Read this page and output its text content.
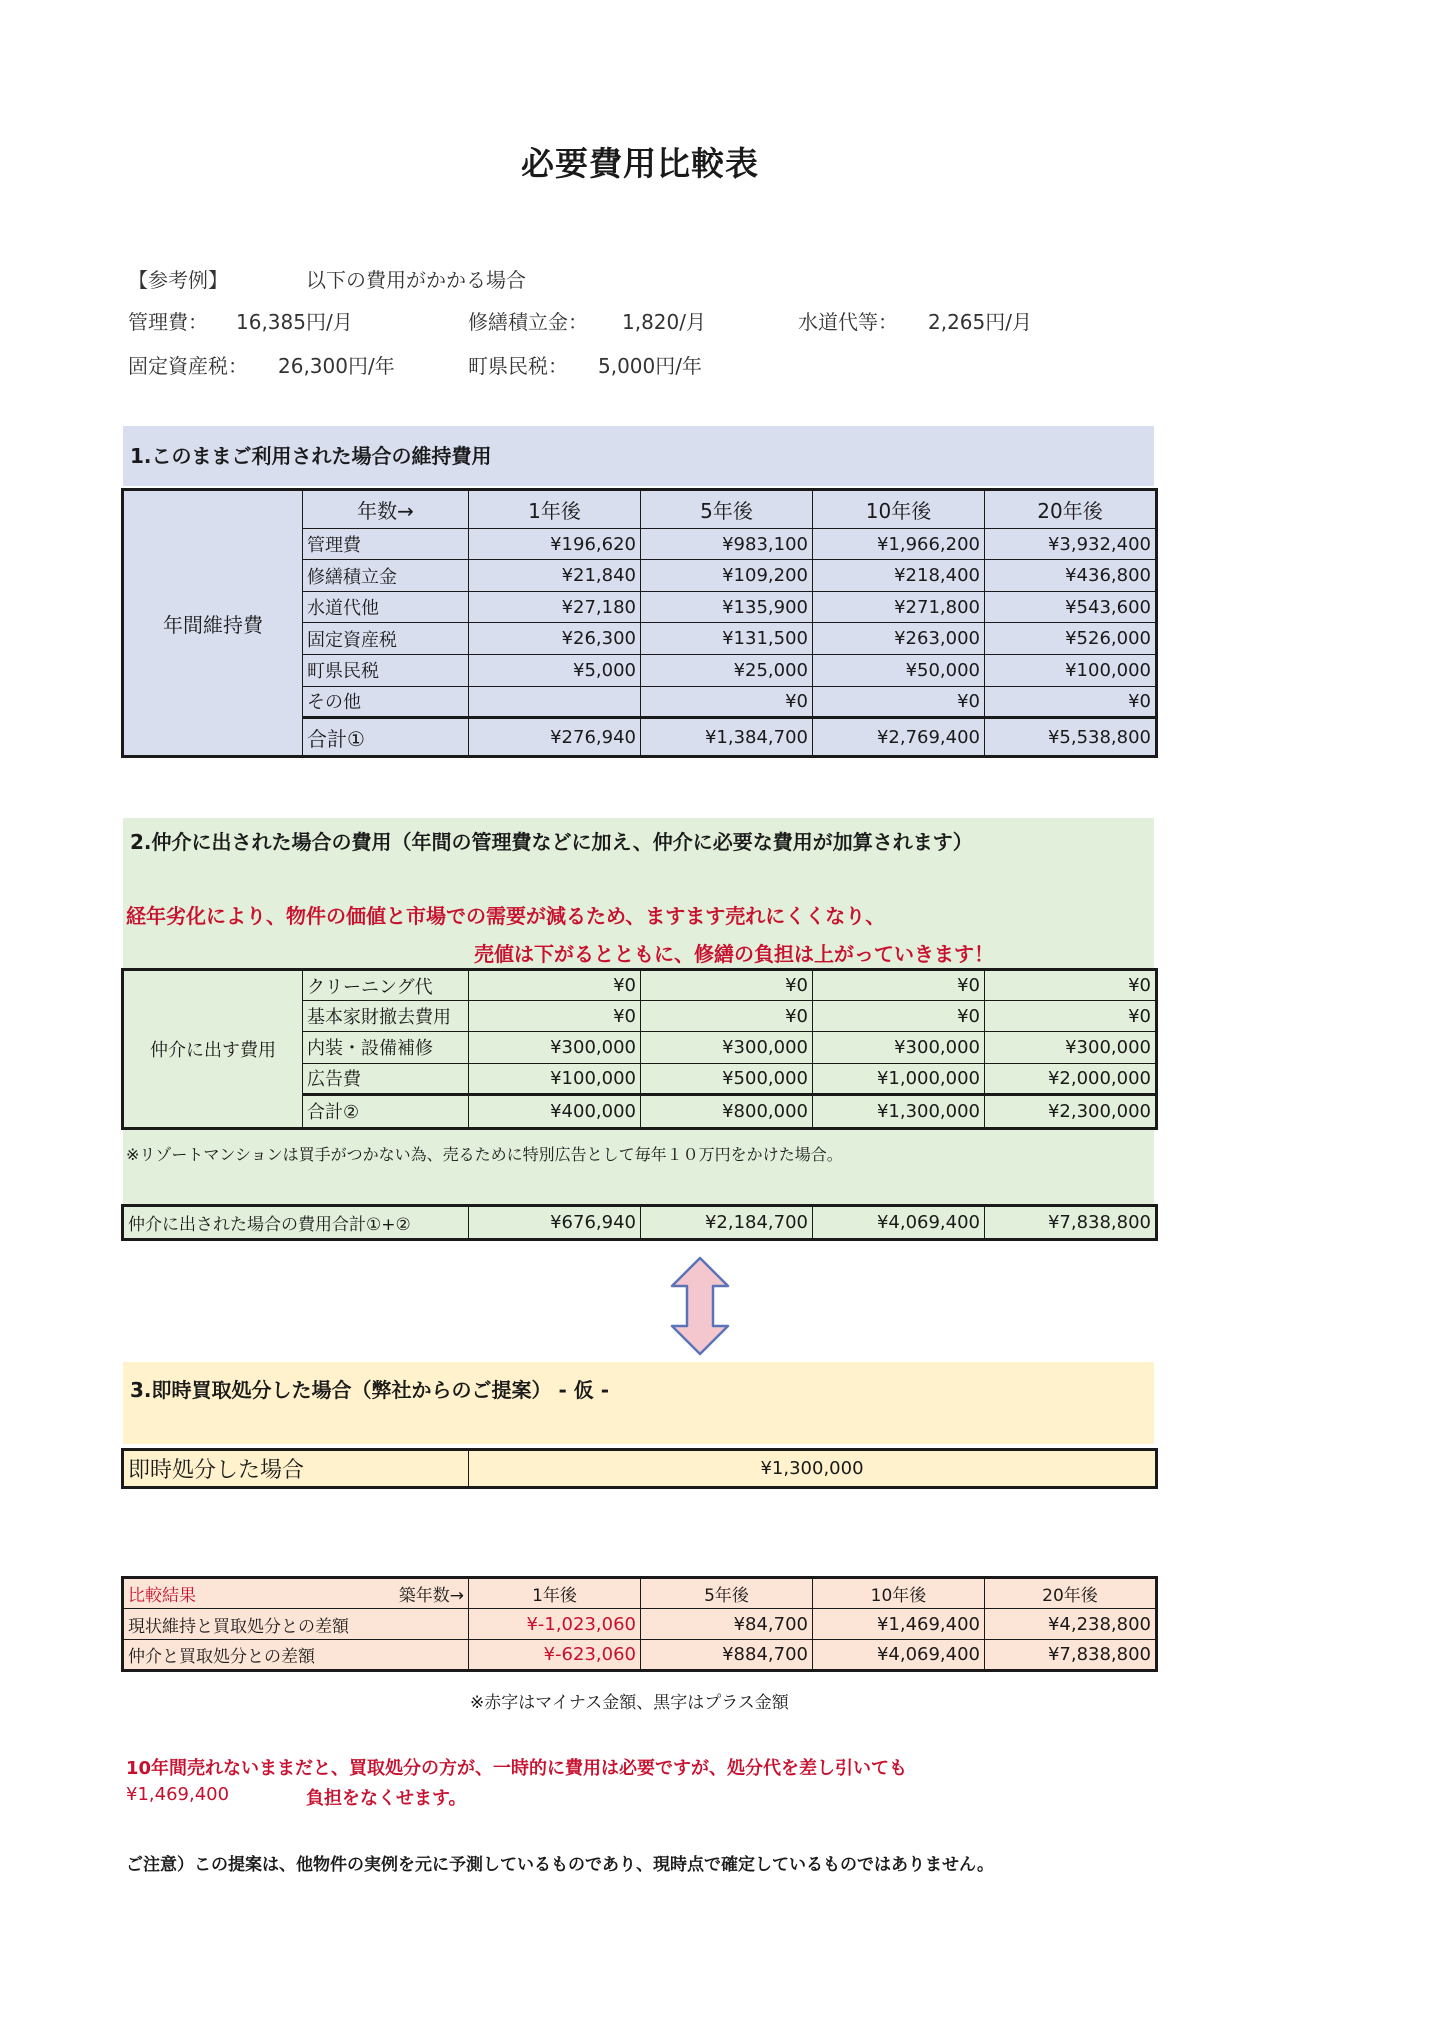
必要費用比較表
【参考例】	以下の費用がかかる場合
管理費： 16,385円/月	修繕積立金： 1,820/月	水道代等： 2,265円/月
固定資産税： 26,300円/年	町県民税： 5,000円/年
1.このままご利用された場合の維持費用
年間維持費	年数→	1年後	5年後	10年後	20年後
	管理費	¥196,620	¥983,100	¥1,966,200	¥3,932,400
	修繕積立金	¥21,840	¥109,200	¥218,400	¥436,800
	水道代他	¥27,180	¥135,900	¥271,800	¥543,600
	固定資産税	¥26,300	¥131,500	¥263,000	¥526,000
	町県民税	¥5,000	¥25,000	¥50,000	¥100,000
	その他		¥0	¥0	¥0
	合計①	¥276,940	¥1,384,700	¥2,769,400	¥5,538,800
2.仲介に出された場合の費用（年間の管理費などに加え、仲介に必要な費用が加算されます）
経年劣化により、物件の価値と市場での需要が減るため、ますます売れにくくなり、
売値は下がるとともに、修繕の負担は上がっていきます！
仲介に出す費用	クリーニング代	¥0	¥0	¥0	¥0
	基本家財撤去費用	¥0	¥0	¥0	¥0
	内装・設備補修	¥300,000	¥300,000	¥300,000	¥300,000
	広告費	¥100,000	¥500,000	¥1,000,000	¥2,000,000
	合計②	¥400,000	¥800,000	¥1,300,000	¥2,300,000
※リゾートマンションは買手がつかない為、売るために特別広告として毎年１０万円をかけた場合。
仲介に出された場合の費用合計①+②	¥676,940	¥2,184,700	¥4,069,400	¥7,838,800
3.即時買取処分した場合（弊社からのご提案） - 仮 -
即時処分した場合	¥1,300,000
比較結果 築年数→	1年後	5年後	10年後	20年後
現状維持と買取処分との差額	¥-1,023,060	¥84,700	¥1,469,400	¥4,238,800
仲介と買取処分との差額	¥-623,060	¥884,700	¥4,069,400	¥7,838,800
※赤字はマイナス金額、黒字はプラス金額
10年間売れないままだと、買取処分の方が、一時的に費用は必要ですが、処分代を差し引いても
¥1,469,400	負担をなくせます。
ご注意）この提案は、他物件の実例を元に予測しているものであり、現時点で確定しているものではありません。
